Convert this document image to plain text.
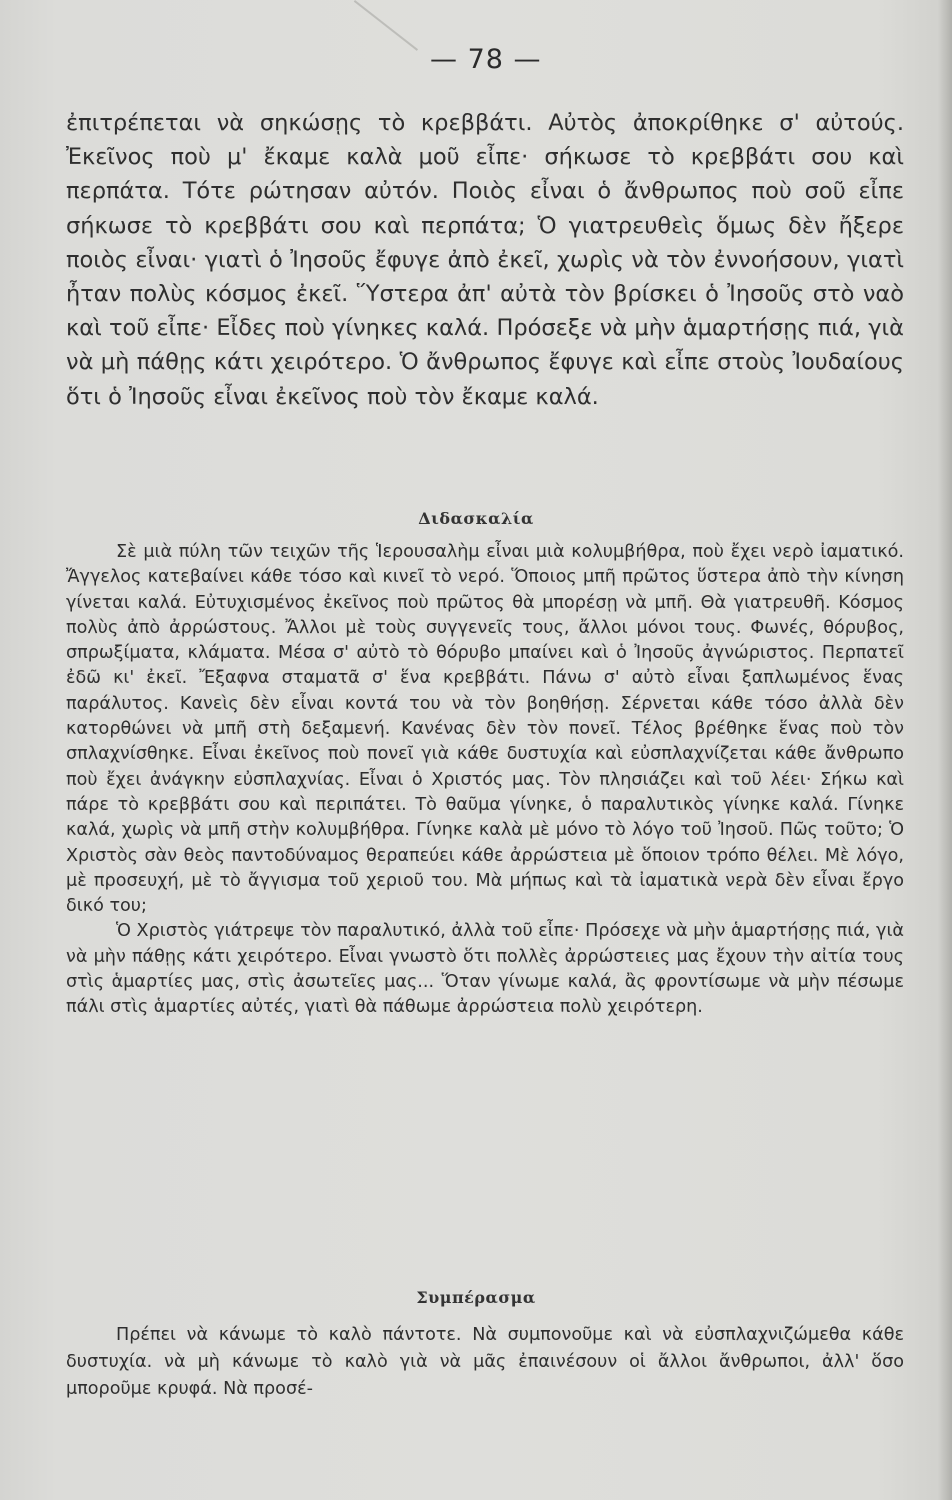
— 78 —
ἐπιτρέπεται νὰ σηκώσῃς τὸ κρεββάτι. Αὐτὸς ἀποκρίθηκε σ' αὐτούς. Ἐκεῖνος ποὺ μ' ἔκαμε καλὰ μοῦ εἶπε· σήκωσε τὸ κρεββάτι σου καὶ περπάτα. Τότε ρώτησαν αὐτόν. Ποιὸς εἶναι ὁ ἄνθρωπος ποὺ σοῦ εἶπε σήκωσε τὸ κρεββάτι σου καὶ περπάτα; Ὁ γιατρευθεὶς ὅμως δὲν ἤξερε ποιὸς εἶναι· γιατὶ ὁ Ἰησοῦς ἔφυγε ἀπὸ ἐκεῖ, χωρὶς νὰ τὸν ἐννοήσουν, γιατὶ ἦταν πολὺς κόσμος ἐκεῖ. Ὕστερα ἀπ' αὐτὰ τὸν βρίσκει ὁ Ἰησοῦς στὸ ναὸ καὶ τοῦ εἶπε· Εἶδες ποὺ γίνηκες καλά. Πρόσεξε νὰ μὴν ἁμαρτήσῃς πιά, γιὰ νὰ μὴ πάθῃς κάτι χειρότερο. Ὁ ἄνθρωπος ἔφυγε καὶ εἶπε στοὺς Ἰουδαίους ὅτι ὁ Ἰησοῦς εἶναι ἐκεῖνος ποὺ τὸν ἔκαμε καλά.
Διδασκαλία

Σὲ μιὰ πύλη τῶν τειχῶν τῆς Ἱερουσαλὴμ εἶναι μιὰ κολυμβήθρα, ποὺ ἔχει νερὸ ἰαματικό. Ἄγγελος κατεβαίνει κάθε τόσο καὶ κινεῖ τὸ νερό. Ὅποιος μπῆ πρῶτος ὕστερα ἀπὸ τὴν κίνηση γίνεται καλά. Εὐτυχισμένος ἐκεῖνος ποὺ πρῶτος θὰ μπορέσῃ νὰ μπῆ. Θὰ γιατρευθῆ. Κόσμος πολὺς ἀπὸ ἀρρώστους. Ἄλλοι μὲ τοὺς συγγενεῖς τους, ἄλλοι μόνοι τους. Φωνές, θόρυβος, σπρωξίματα, κλάματα. Μέσα σ' αὐτὸ τὸ θόρυβο μπαίνει καὶ ὁ Ἰησοῦς ἀγνώριστος. Περπατεῖ ἐδῶ κι' ἐκεῖ. Ἔξαφνα σταματᾶ σ' ἕνα κρεββάτι. Πάνω σ' αὐτὸ εἶναι ξαπλωμένος ἕνας παράλυτος. Κανεὶς δὲν εἶναι κοντά του νὰ τὸν βοηθήσῃ. Σέρνεται κάθε τόσο ἀλλὰ δὲν κατορθώνει νὰ μπῆ στὴ δεξαμενή. Κανένας δὲν τὸν πονεῖ. Τέλος βρέθηκε ἕνας ποὺ τὸν σπλαχνίσθηκε. Εἶναι ἐκεῖνος ποὺ πονεῖ γιὰ κάθε δυστυχία καὶ εὐσπλαχνίζεται κάθε ἄνθρωπο ποὺ ἔχει ἀνάγκην εὐσπλαχνίας. Εἶναι ὁ Χριστός μας. Τὸν πλησιάζει καὶ τοῦ λέει· Σήκω καὶ πάρε τὸ κρεββάτι σου καὶ περιπάτει. Τὸ θαῦμα γίνηκε, ὁ παραλυτικὸς γίνηκε καλά. Γίνηκε καλά, χωρὶς νὰ μπῆ στὴν κολυμβήθρα. Γίνηκε καλὰ μὲ μόνο τὸ λόγο τοῦ Ἰησοῦ. Πῶς τοῦτο; Ὁ Χριστὸς σὰν θεὸς παντοδύναμος θεραπεύει κάθε ἀρρώστεια μὲ ὅποιον τρόπο θέλει. Μὲ λόγο, μὲ προσευχή, μὲ τὸ ἄγγισμα τοῦ χεριοῦ του. Μὰ μήπως καὶ τὰ ἰαματικὰ νερὰ δὲν εἶναι ἔργο δικό του;

Ὁ Χριστὸς γιάτρεψε τὸν παραλυτικό, ἀλλὰ τοῦ εἶπε· Πρόσεχε νὰ μὴν ἁμαρτήσῃς πιά, γιὰ νὰ μὴν πάθῃς κάτι χειρότερο. Εἶναι γνωστὸ ὅτι πολλὲς ἀρρώστειες μας ἔχουν τὴν αἰτία τους στὶς ἁμαρτίες μας, στὶς ἀσωτεῖες μας... Ὅταν γίνωμε καλά, ἂς φροντίσωμε νὰ μὴν πέσωμε πάλι στὶς ἁμαρτίες αὐτές, γιατὶ θὰ πάθωμε ἀρρώστεια πολὺ χειρότερη.

Συμπέρασμα

Πρέπει νὰ κάνωμε τὸ καλὸ πάντοτε. Νὰ συμπονοῦμε καὶ νὰ εὐσπλαχνιζώμεθα κάθε δυστυχία. νὰ μὴ κάνωμε τὸ καλὸ γιὰ νὰ μᾶς ἐπαινέσουν οἱ ἄλλοι ἄνθρωποι, ἀλλ' ὅσο μποροῦμε κρυφά. Νὰ προσέ-
